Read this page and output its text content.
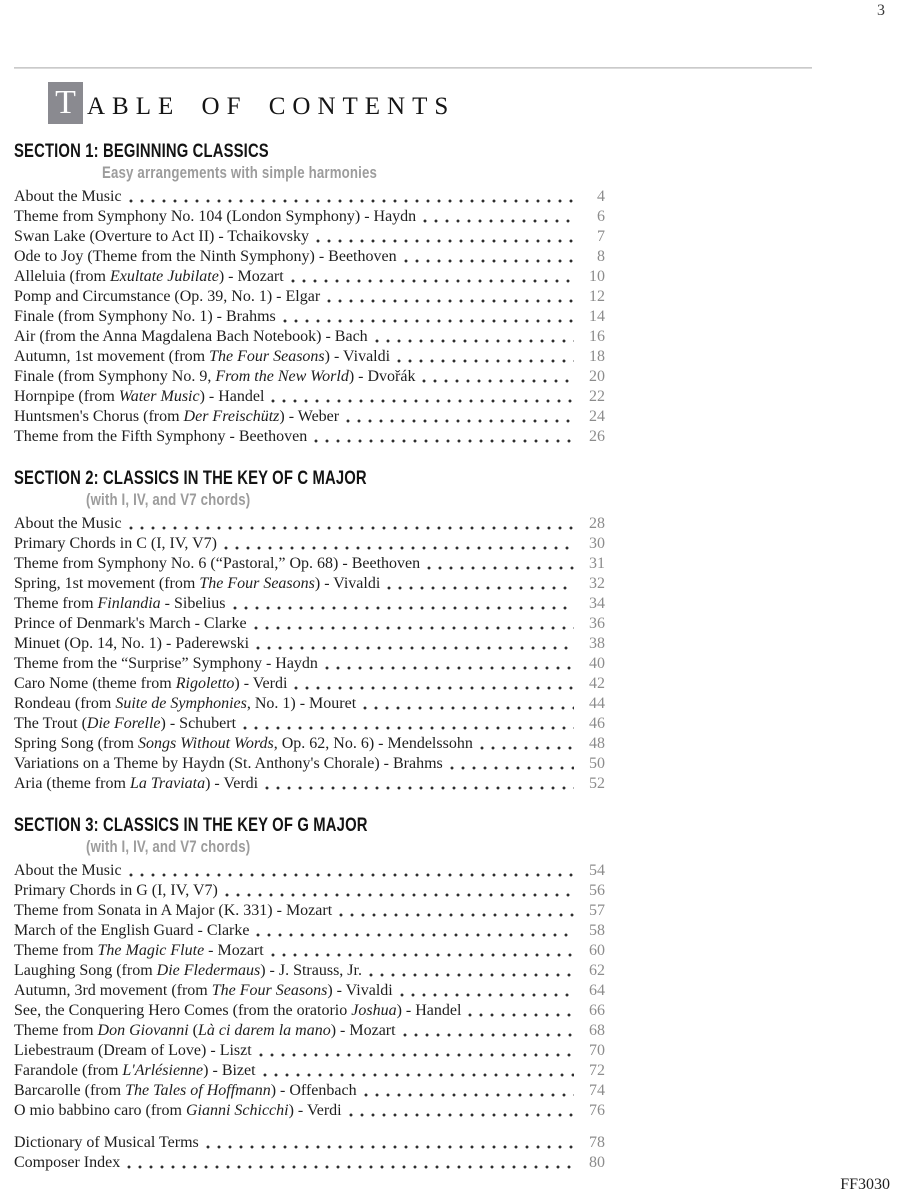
3
T ABLE OF CONTENTS
SECTION 1: BEGINNING CLASSICS
Easy arrangements with simple harmonies
About the Music	4
Theme from Symphony No. 104 (London Symphony) - Haydn	6
Swan Lake (Overture to Act II) - Tchaikovsky	7
Ode to Joy (Theme from the Ninth Symphony) - Beethoven	8
Alleluia (from Exultate Jubilate) - Mozart	10
Pomp and Circumstance (Op. 39, No. 1) - Elgar	12
Finale (from Symphony No. 1) - Brahms	14
Air (from the Anna Magdalena Bach Notebook) - Bach	16
Autumn, 1st movement (from The Four Seasons) - Vivaldi	18
Finale (from Symphony No. 9, From the New World) - Dvořák	20
Hornpipe (from Water Music) - Handel	22
Huntsmen's Chorus (from Der Freischütz) - Weber	24
Theme from the Fifth Symphony - Beethoven	26
SECTION 2: CLASSICS IN THE KEY OF C MAJOR
(with I, IV, and V7 chords)
About the Music	28
Primary Chords in C (I, IV, V7)	30
Theme from Symphony No. 6 (“Pastoral,” Op. 68) - Beethoven	31
Spring, 1st movement (from The Four Seasons) - Vivaldi	32
Theme from Finlandia - Sibelius	34
Prince of Denmark's March - Clarke	36
Minuet (Op. 14, No. 1) - Paderewski	38
Theme from the “Surprise” Symphony - Haydn	40
Caro Nome (theme from Rigoletto) - Verdi	42
Rondeau (from Suite de Symphonies, No. 1) - Mouret	44
The Trout (Die Forelle) - Schubert	46
Spring Song (from Songs Without Words, Op. 62, No. 6) - Mendelssohn	48
Variations on a Theme by Haydn (St. Anthony's Chorale) - Brahms	50
Aria (theme from La Traviata) - Verdi	52
SECTION 3: CLASSICS IN THE KEY OF G MAJOR
(with I, IV, and V7 chords)
About the Music	54
Primary Chords in G (I, IV, V7)	56
Theme from Sonata in A Major (K. 331) - Mozart	57
March of the English Guard - Clarke	58
Theme from The Magic Flute - Mozart	60
Laughing Song (from Die Fledermaus) - J. Strauss, Jr.	62
Autumn, 3rd movement (from The Four Seasons) - Vivaldi	64
See, the Conquering Hero Comes (from the oratorio Joshua) - Handel	66
Theme from Don Giovanni (Là ci darem la mano) - Mozart	68
Liebestraum (Dream of Love) - Liszt	70
Farandole (from L'Arlésienne) - Bizet	72
Barcarolle (from The Tales of Hoffmann) - Offenbach	74
O mio babbino caro (from Gianni Schicchi) - Verdi	76
Dictionary of Musical Terms	78
Composer Index	80
FF3030
